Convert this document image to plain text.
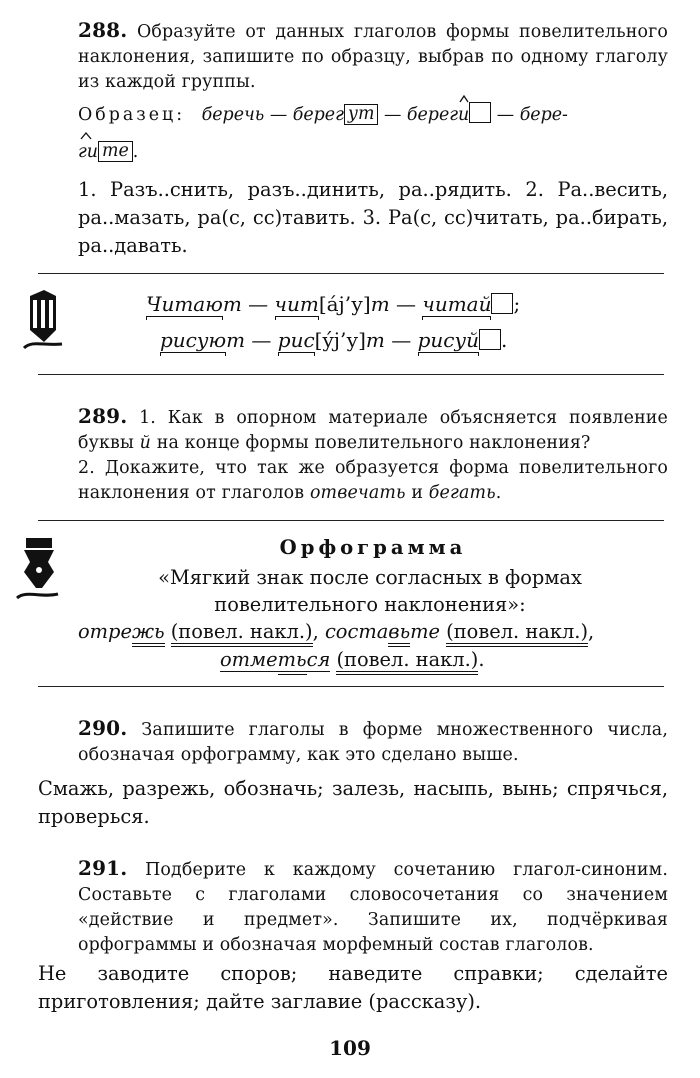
288. Образуйте от данных глаголов формы повелительного наклонения, запишите по образцу, выбрав по одному глаголу из каждой группы.
Образец: беречь — берег ут — берег
и — бере-
ги те .
1. Разъ..снить, разъ..динить, ра..рядить. 2. Ра..весить, ра..мазать, ра(с, сс)тавить. 3. Ра(с, сс)читать, ра..бирать, ра..давать.
Читают — чит[áj’у]т — читай ;
рисуют — рис[ýj’у]т — рисуй .
289. 1. Как в опорном материале объясняется появление буквы й на конце формы повелительного наклонения?
2. Докажите, что так же образуется форма повелительного наклонения от глаголов отвечать и бегать.
Орфограмма
«Мягкий знак после согласных в формах повелительного наклонения»:
отрежь (повел. накл.), составьте (повел. накл.),
отметься (повел. накл.).
290. Запишите глаголы в форме множественного числа, обозначая орфограмму, как это сделано выше.
Смажь, разрежь, обозначь; залезь, насыпь, вынь; спрячься, проверься.
291. Подберите к каждому сочетанию глагол-синоним. Составьте с глаголами словосочетания со значением «действие и предмет». Запишите их, подчёркивая орфограммы и обозначая морфемный состав глаголов.
Не заводите споров; наведите справки; сделайте приготовления; дайте заглавие (рассказу).
109
